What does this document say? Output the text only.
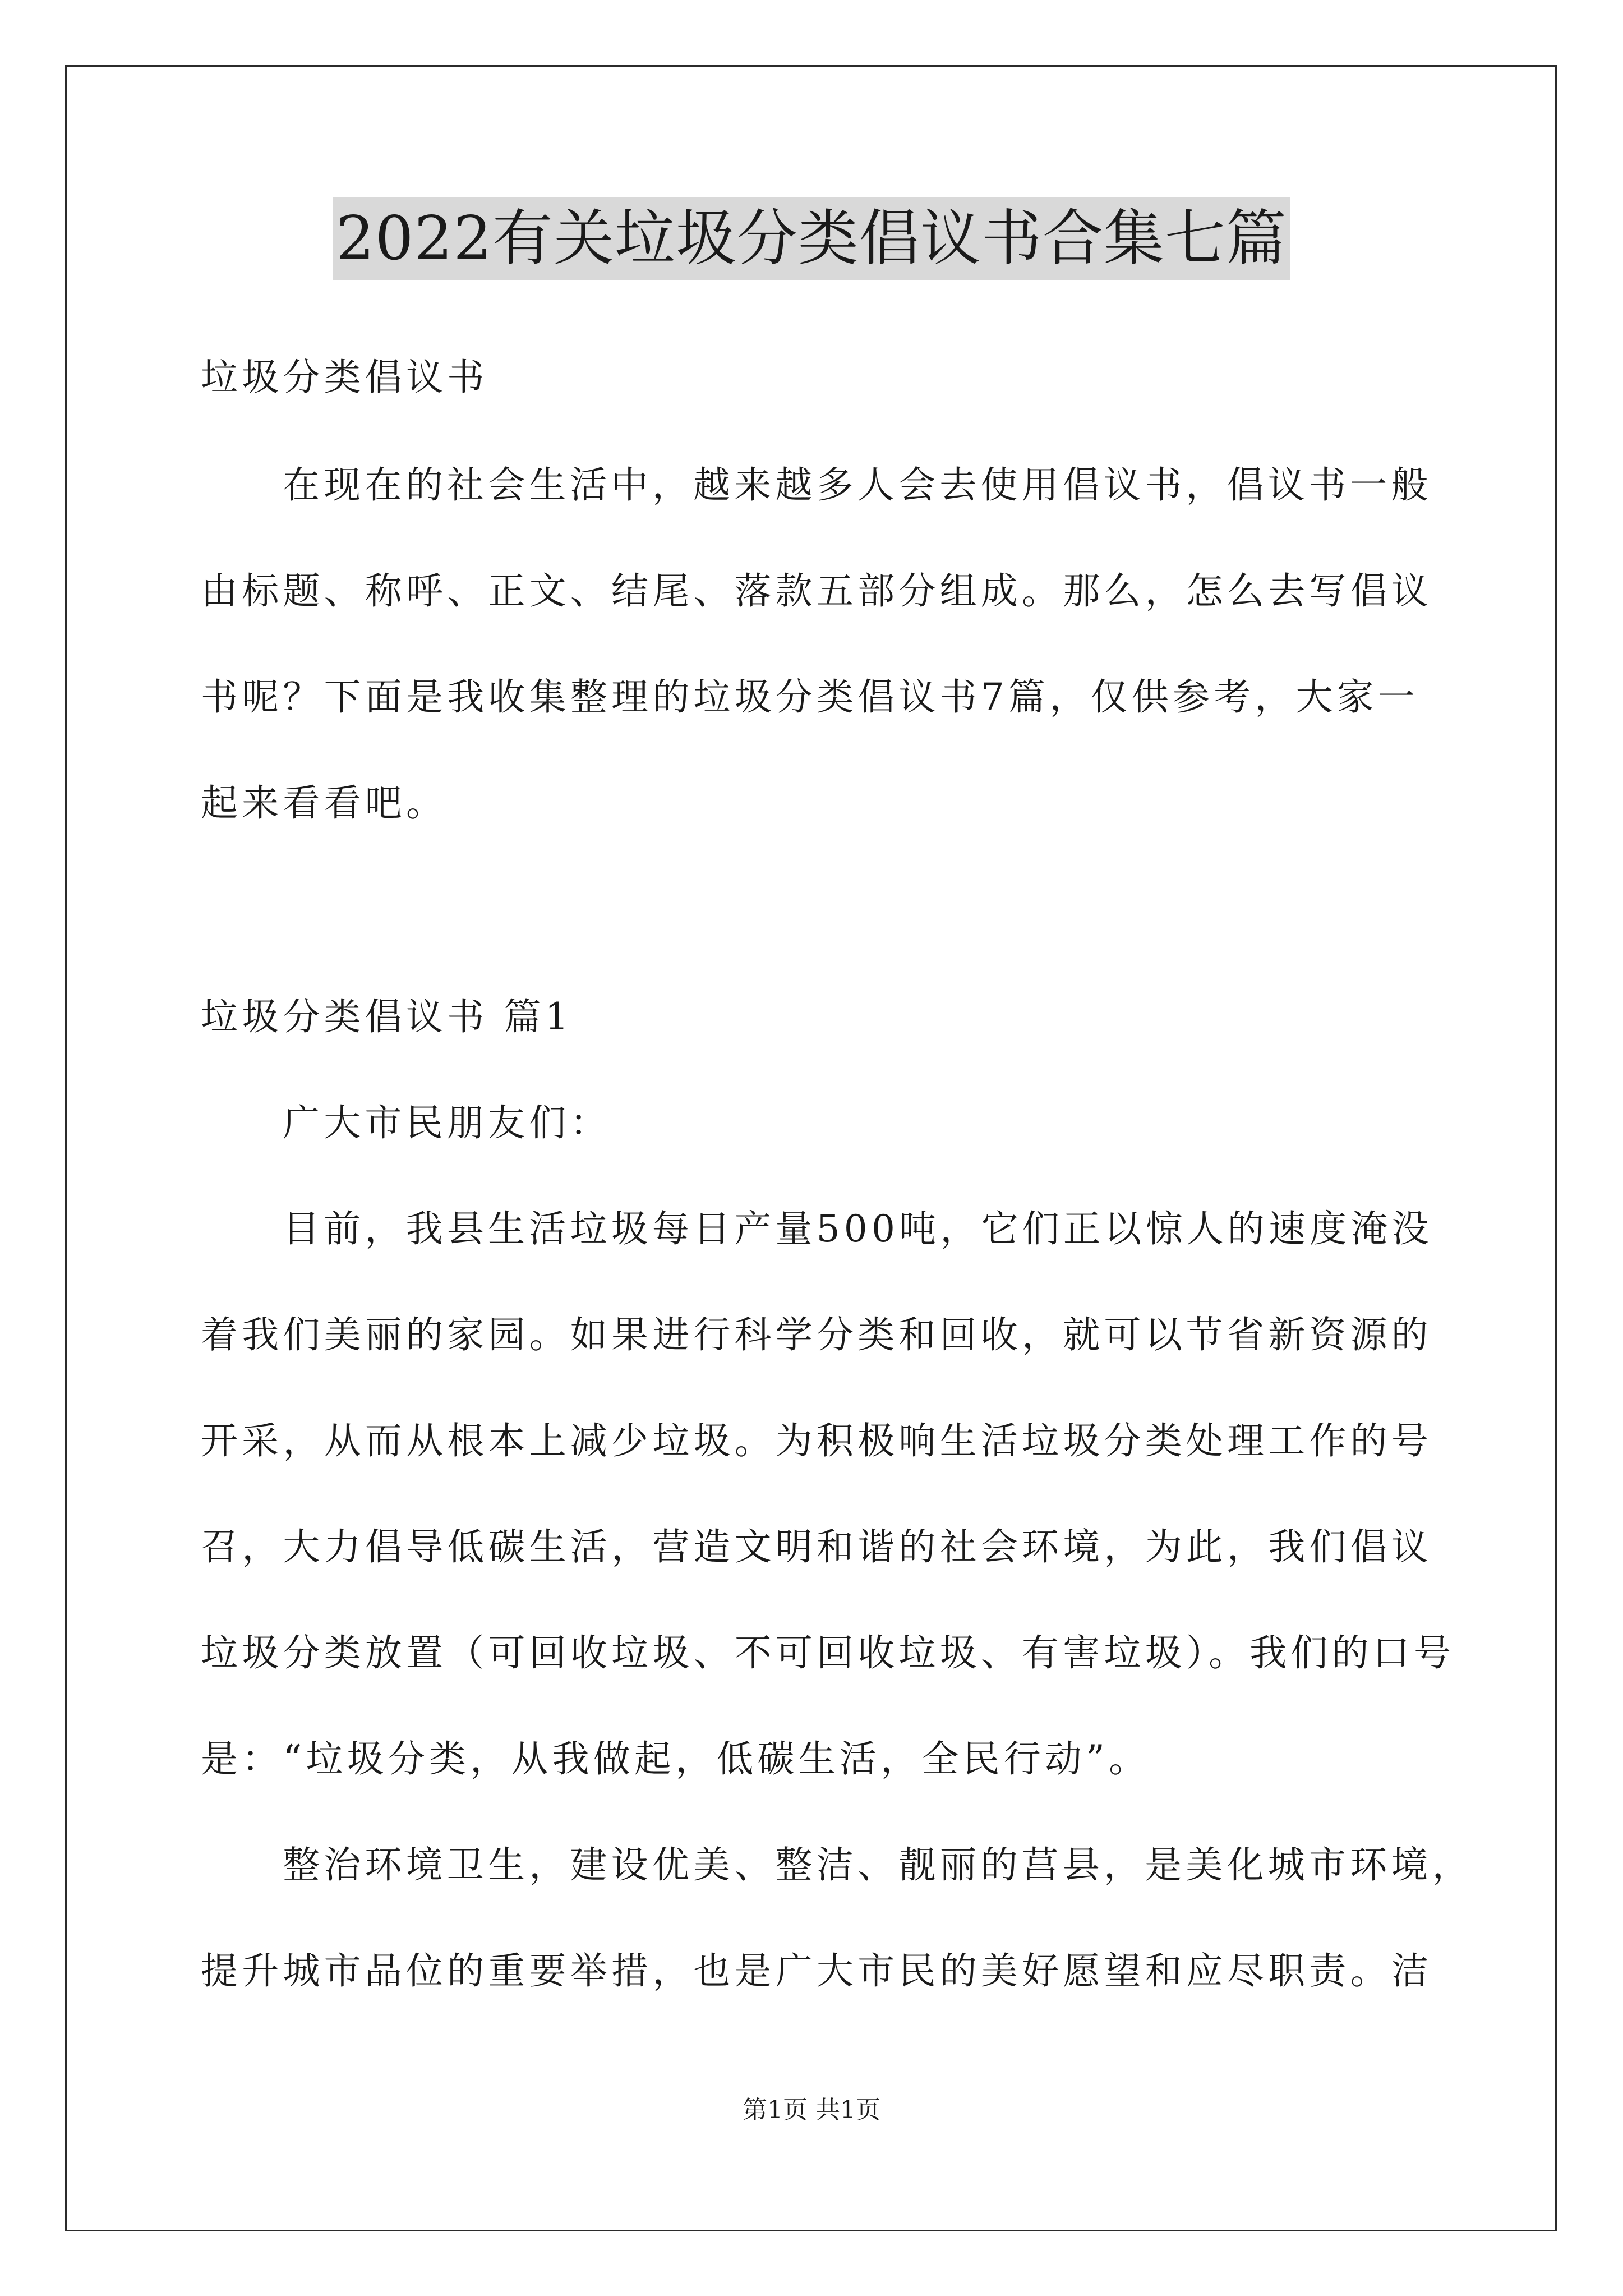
2022有关垃圾分类倡议书合集七篇
垃圾分类倡议书
在现在的社会生活中，越来越多人会去使用倡议书，倡议书一般
由标题、称呼、正文、结尾、落款五部分组成。那么，怎么去写倡议
书呢？下面是我收集整理的垃圾分类倡议书7篇，仅供参考，大家一
起来看看吧。
垃圾分类倡议书 篇1
广大市民朋友们：
目前，我县生活垃圾每日产量500吨，它们正以惊人的速度淹没
着我们美丽的家园。如果进行科学分类和回收，就可以节省新资源的
开采，从而从根本上减少垃圾。为积极响生活垃圾分类处理工作的号
召，大力倡导低碳生活，营造文明和谐的社会环境，为此，我们倡议
垃圾分类放置（可回收垃圾、不可回收垃圾、有害垃圾）。我们的口号
是：“垃圾分类，从我做起，低碳生活，全民行动”。
整治环境卫生，建设优美、整洁、靓丽的莒县，是美化城市环境，
提升城市品位的重要举措，也是广大市民的美好愿望和应尽职责。洁
第1页 共1页
